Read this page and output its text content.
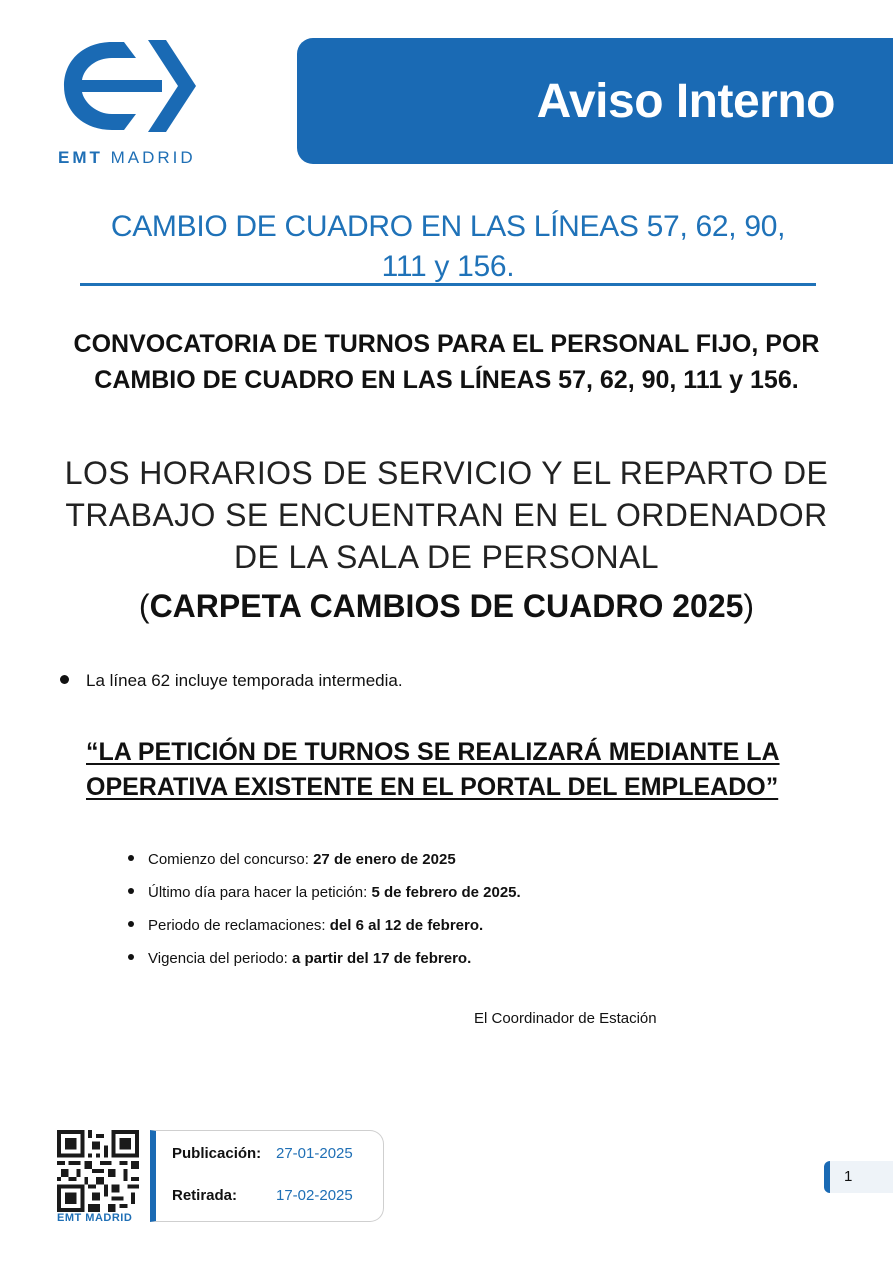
EMT MADRID
Aviso Interno
CAMBIO DE CUADRO EN LAS LÍNEAS 57, 62, 90,
111 y 156.
CONVOCATORIA DE TURNOS PARA EL PERSONAL FIJO, POR
CAMBIO DE CUADRO EN LAS LÍNEAS 57, 62, 90, 111 y 156.
LOS HORARIOS DE SERVICIO Y EL REPARTO DE
TRABAJO SE ENCUENTRAN EN EL ORDENADOR
DE LA SALA DE PERSONAL
(CARPETA CAMBIOS DE CUADRO 2025)
La línea 62 incluye temporada intermedia.
“LA PETICIÓN DE TURNOS SE REALIZARÁ MEDIANTE LA
OPERATIVA EXISTENTE EN EL PORTAL DEL EMPLEADO”
Comienzo del concurso: 27 de enero de 2025
Último día para hacer la petición: 5 de febrero de 2025.
Periodo de reclamaciones: del 6 al 12 de febrero.
Vigencia del periodo: a partir del 17 de febrero.
El Coordinador de Estación
EMT MADRID
Publicación: 27-01-2025
Retirada:	17-02-2025
1
